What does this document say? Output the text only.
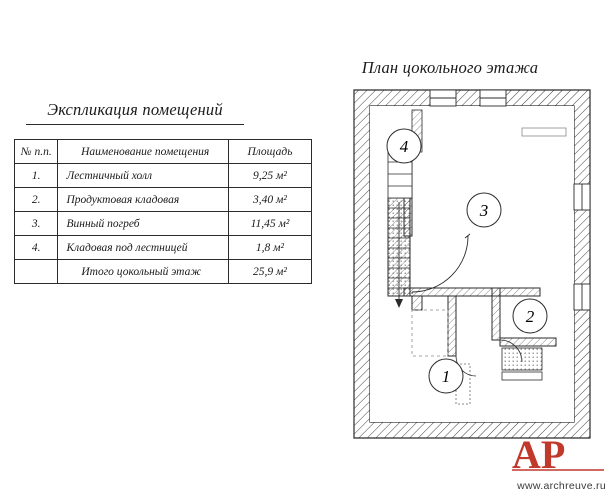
Экспликация помещений
№ п.п.	Наименование помещения	Площадь
1.	Лестничный холл	9,25 м²
2.	Продуктовая кладовая	3,40 м²
3.	Винный погреб	11,45 м²
4.	Кладовая под лестницей	1,8 м²
	Итого цокольный этаж	25,9 м²
План цокольного этажа
4
3
2
1
AP
www.archreuve.ru
